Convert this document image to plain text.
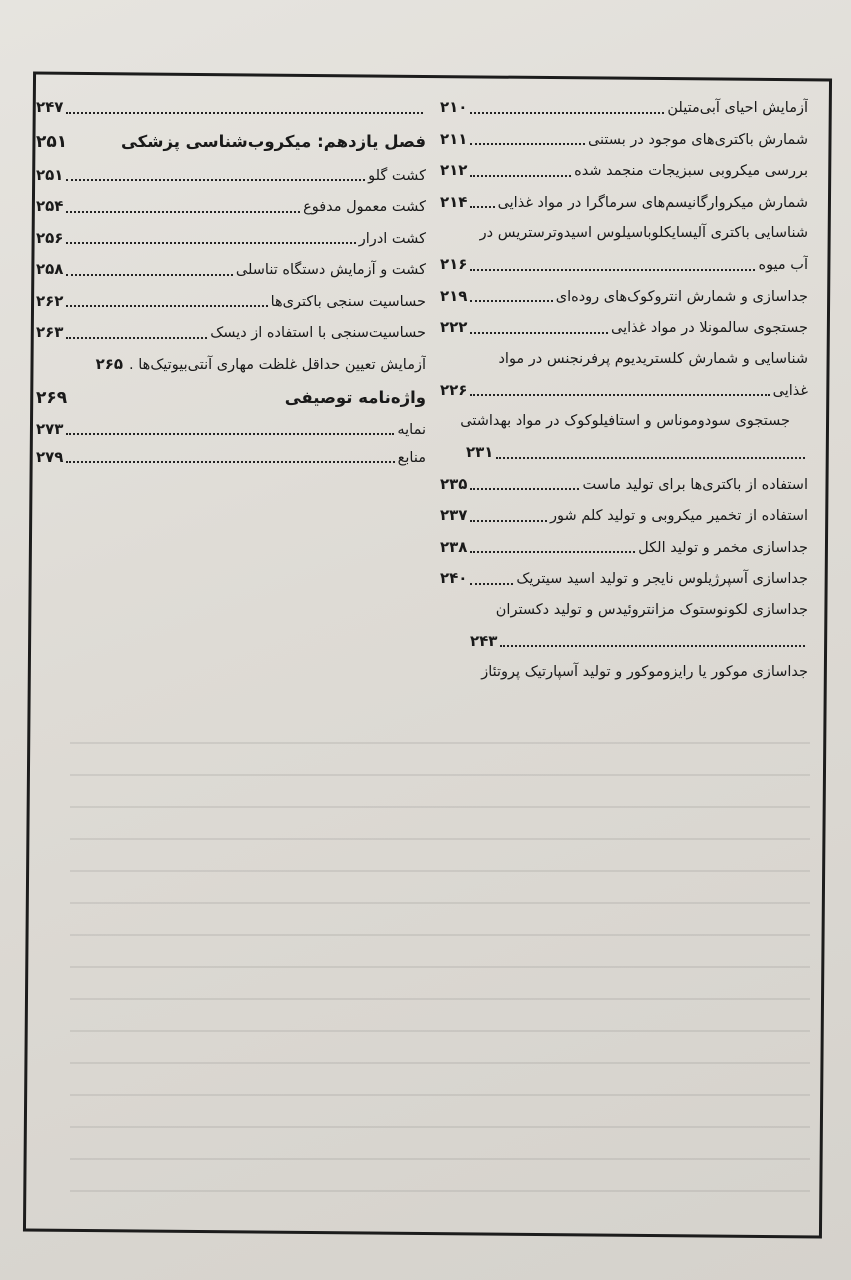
آزمایش احیای آبی‌متیلن
۲۱۰
شمارش باکتری‌های موجود در بستنی
۲۱۱
بررسی میکروبی سبزیجات منجمد شده
۲۱۲
شمارش میکروارگانیسم‌های سرماگرا در مواد غذایی
۲۱۴
شناسایی باکتری آلیسایکلوباسیلوس اسیدوترستریس در
آب میوه
۲۱۶
جداسازی و شمارش انتروکوک‌های روده‌ای
۲۱۹
جستجوی سالمونلا در مواد غذایی
۲۲۲
شناسایی و شمارش کلستریدیوم پرفرنجنس در مواد
غذایی
۲۲۶
جستجوی سودوموناس و استافیلوکوک در مواد بهداشتی
۲۳۱
استفاده از باکتری‌ها برای تولید ماست
۲۳۵
استفاده از تخمیر میکروبی و تولید کلم شور
۲۳۷
جداسازی مخمر و تولید الکل
۲۳۸
جداسازی آسپرژیلوس نایجر و تولید اسید سیتریک
۲۴۰
جداسازی لکونوستوک مزانتروئیدس و تولید دکستران
۲۴۳
جداسازی موکور یا رایزوموکور و تولید آسپارتیک پروتئاز
۲۴۷
فصل یازدهم: میکروب‌شناسی پزشکی
۲۵۱
کشت گلو
۲۵۱
کشت معمول مدفوع
۲۵۴
کشت ادرار
۲۵۶
کشت و آزمایش دستگاه تناسلی
۲۵۸
حساسیت سنجی باکتری‌ها
۲۶۲
حساسیت‌سنجی با استفاده از دیسک
۲۶۳
آزمایش تعیین حداقل غلظت مهاری آنتی‌بیوتیک‌ها .
۲۶۵
واژه‌نامه توصیفی
۲۶۹
نمایه
۲۷۳
منابع
۲۷۹
